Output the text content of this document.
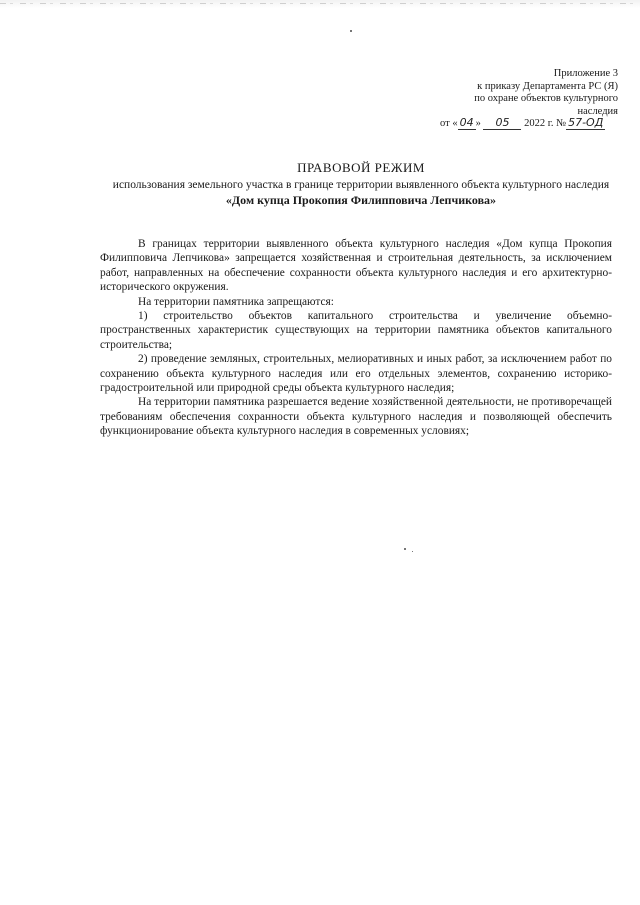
Приложение 3
к приказу Департамента РС (Я)
по охране объектов культурного
наследия
от « 04 » 05 2022 г. № 57-ОД
ПРАВОВОЙ РЕЖИМ
использования земельного участка в границе территории выявленного объекта культурного наследия
«Дом купца Прокопия Филипповича Лепчикова»

В границах территории выявленного объекта культурного наследия «Дом купца Прокопия Филипповича Лепчикова» запрещается хозяйственная и строительная деятельность, за исключением работ, направленных на обеспечение сохранности объекта культурного наследия и его архитектурно-исторического окружения.

На территории памятника запрещаются:

1) строительство объектов капитального строительства и увеличение объемно-пространственных характеристик существующих на территории памятника объектов капитального строительства;

2) проведение земляных, строительных, мелиоративных и иных работ, за исключением работ по сохранению объекта культурного наследия или его отдельных элементов, сохранению историко-градостроительной или природной среды объекта культурного наследия;

На территории памятника разрешается ведение хозяйственной деятельности, не противоречащей требованиям обеспечения сохранности объекта культурного наследия и позволяющей обеспечить функционирование объекта культурного наследия в современных условиях;
